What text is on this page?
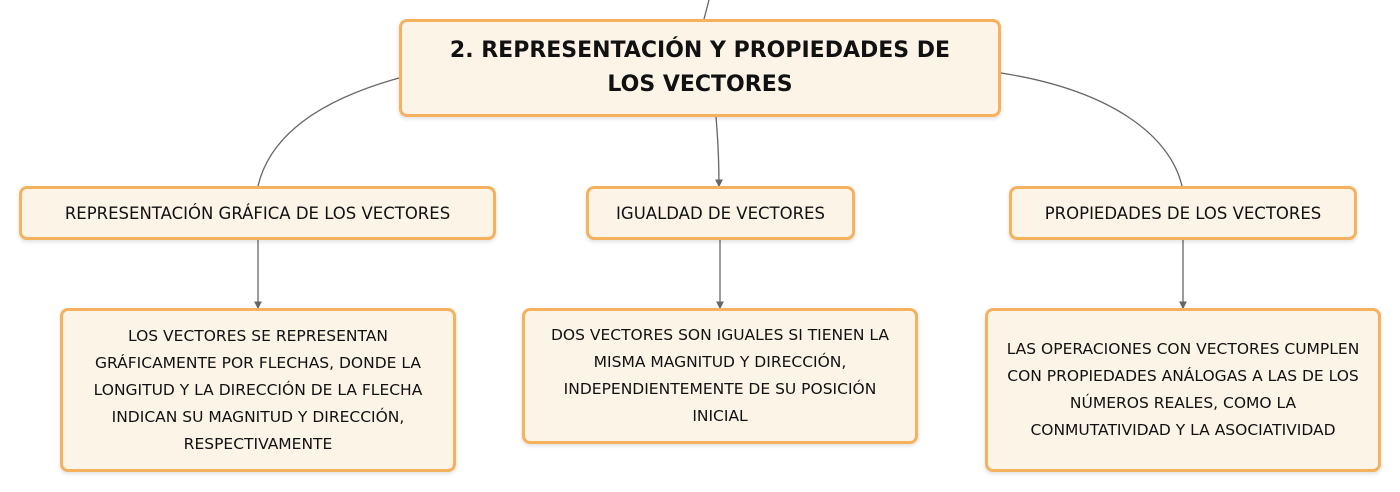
2. REPRESENTACIÓN Y PROPIEDADES DE LOS VECTORES
REPRESENTACIÓN GRÁFICA DE LOS VECTORES	IGUALDAD DE VECTORES	PROPIEDADES DE LOS VECTORES
LOS VECTORES SE REPRESENTAN GRÁFICAMENTE POR FLECHAS, DONDE LA LONGITUD Y LA DIRECCIÓN DE LA FLECHA INDICAN SU MAGNITUD Y DIRECCIÓN, RESPECTIVAMENTE
DOS VECTORES SON IGUALES SI TIENEN LA MISMA MAGNITUD Y DIRECCIÓN, INDEPENDIENTEMENTE DE SU POSICIÓN INICIAL
LAS OPERACIONES CON VECTORES CUMPLEN CON PROPIEDADES ANÁLOGAS A LAS DE LOS NÚMEROS REALES, COMO LA CONMUTATIVIDAD Y LA ASOCIATIVIDAD
